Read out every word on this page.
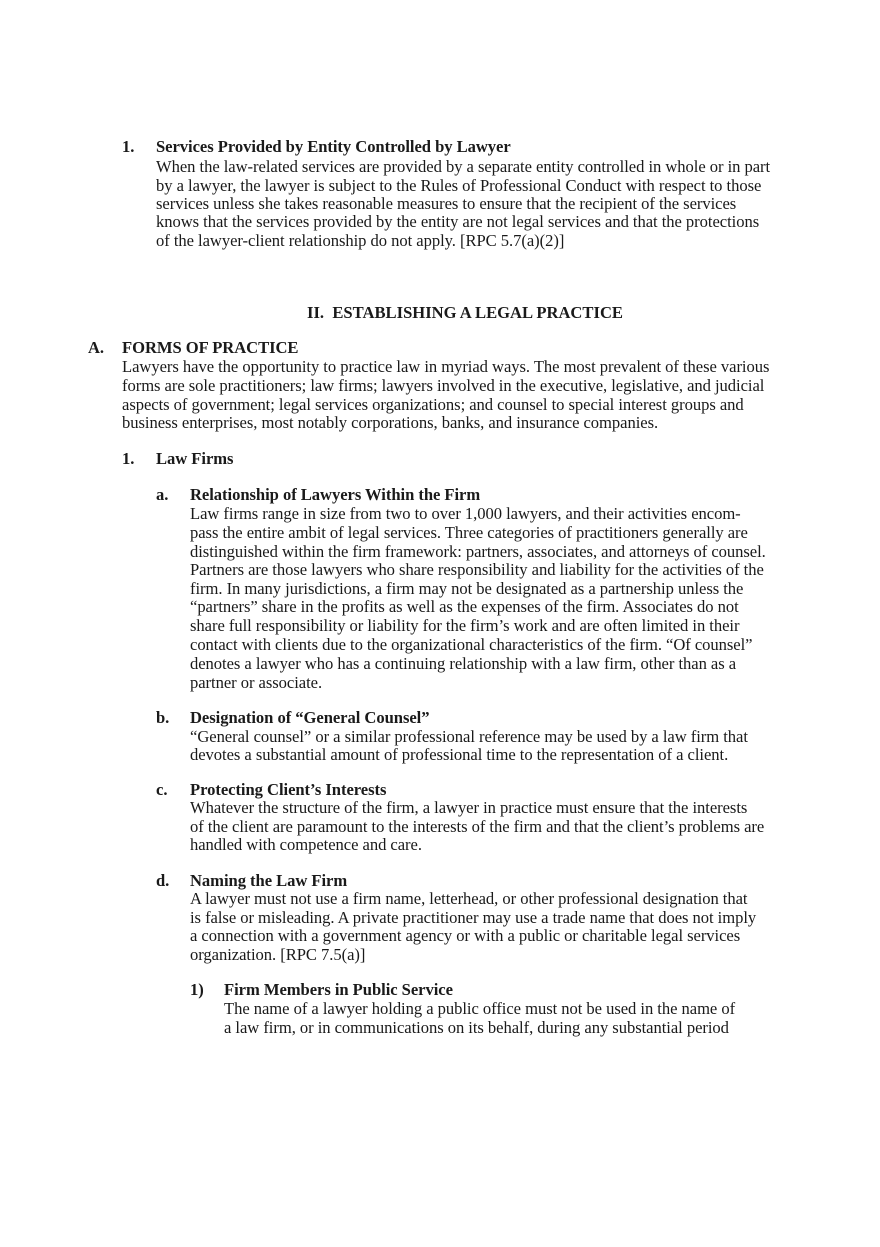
1. Services Provided by Entity Controlled by Lawyer
When the law-related services are provided by a separate entity controlled in whole or in part
by a lawyer, the lawyer is subject to the Rules of Professional Conduct with respect to those
services unless she takes reasonable measures to ensure that the recipient of the services
knows that the services provided by the entity are not legal services and that the protections
of the lawyer-client relationship do not apply. [RPC 5.7(a)(2)]
II. ESTABLISHING A LEGAL PRACTICE
A. FORMS OF PRACTICE
Lawyers have the opportunity to practice law in myriad ways. The most prevalent of these various
forms are sole practitioners; law firms; lawyers involved in the executive, legislative, and judicial
aspects of government; legal services organizations; and counsel to special interest groups and
business enterprises, most notably corporations, banks, and insurance companies.
1. Law Firms
a. Relationship of Lawyers Within the Firm
Law firms range in size from two to over 1,000 lawyers, and their activities encom-
pass the entire ambit of legal services. Three categories of practitioners generally are
distinguished within the firm framework: partners, associates, and attorneys of counsel.
Partners are those lawyers who share responsibility and liability for the activities of the
firm. In many jurisdictions, a firm may not be designated as a partnership unless the
“partners” share in the profits as well as the expenses of the firm. Associates do not
share full responsibility or liability for the firm’s work and are often limited in their
contact with clients due to the organizational characteristics of the firm. “Of counsel”
denotes a lawyer who has a continuing relationship with a law firm, other than as a
partner or associate.
b. Designation of “General Counsel”
“General counsel” or a similar professional reference may be used by a law firm that
devotes a substantial amount of professional time to the representation of a client.
c. Protecting Client’s Interests
Whatever the structure of the firm, a lawyer in practice must ensure that the interests
of the client are paramount to the interests of the firm and that the client’s problems are
handled with competence and care.
d. Naming the Law Firm
A lawyer must not use a firm name, letterhead, or other professional designation that
is false or misleading. A private practitioner may use a trade name that does not imply
a connection with a government agency or with a public or charitable legal services
organization. [RPC 7.5(a)]
1) Firm Members in Public Service
The name of a lawyer holding a public office must not be used in the name of
a law firm, or in communications on its behalf, during any substantial period
